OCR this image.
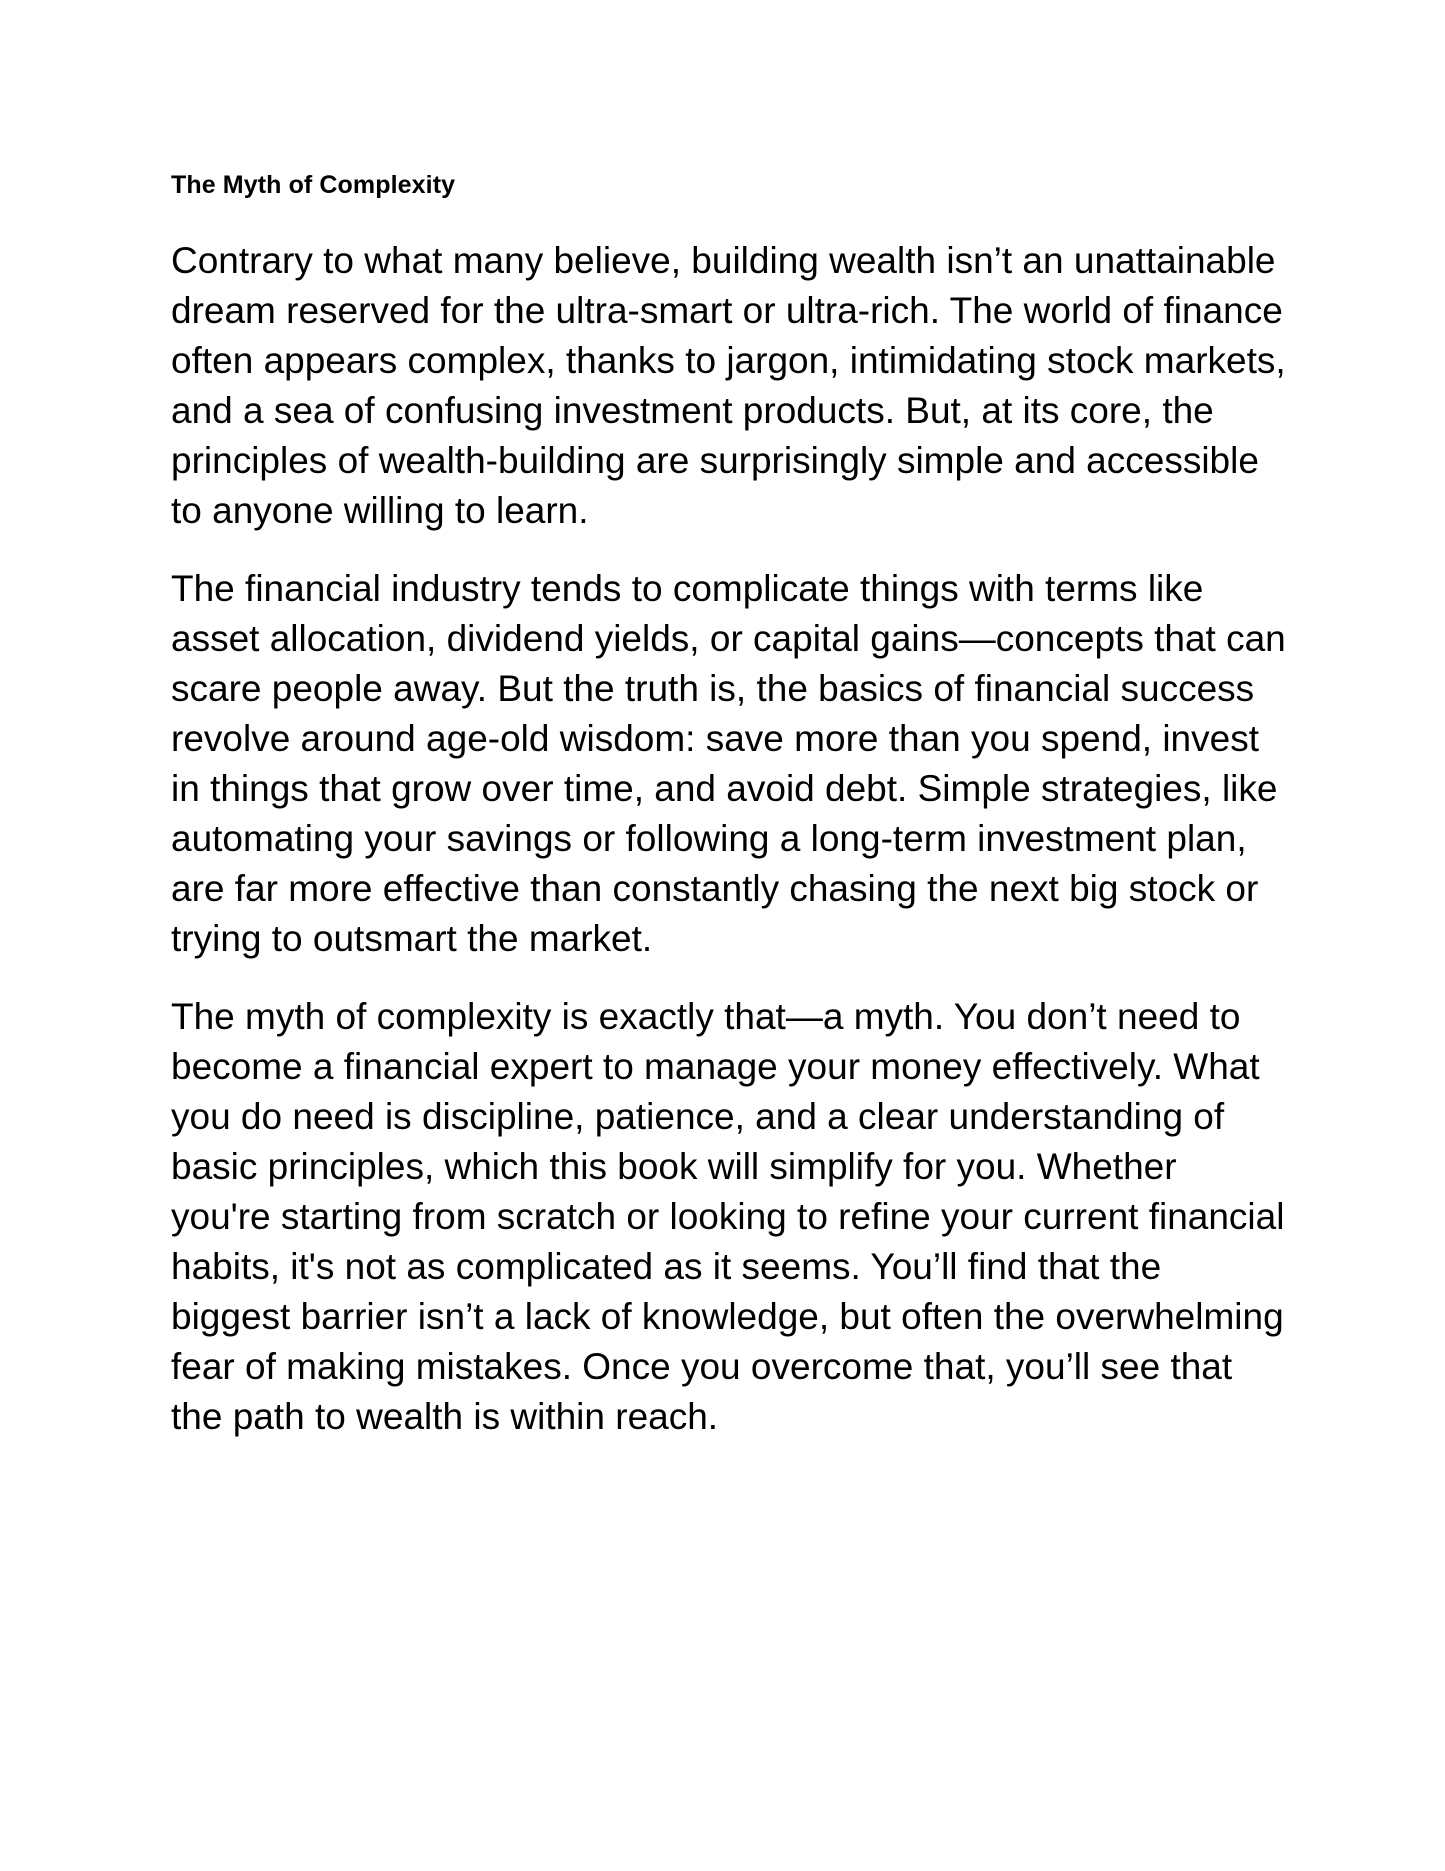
The Myth of Complexity

Contrary to what many believe, building wealth isn’t an unattainable dream reserved for the ultra-smart or ultra-rich. The world of finance often appears complex, thanks to jargon, intimidating stock markets, and a sea of confusing investment products. But, at its core, the principles of wealth-building are surprisingly simple and accessible to anyone willing to learn.

The financial industry tends to complicate things with terms like asset allocation, dividend yields, or capital gains—concepts that can scare people away. But the truth is, the basics of financial success revolve around age-old wisdom: save more than you spend, invest in things that grow over time, and avoid debt. Simple strategies, like automating your savings or following a long-term investment plan, are far more effective than constantly chasing the next big stock or trying to outsmart the market.

The myth of complexity is exactly that—a myth. You don’t need to become a financial expert to manage your money effectively. What you do need is discipline, patience, and a clear understanding of basic principles, which this book will simplify for you. Whether you're starting from scratch or looking to refine your current financial habits, it's not as complicated as it seems. You’ll find that the biggest barrier isn’t a lack of knowledge, but often the overwhelming fear of making mistakes. Once you overcome that, you’ll see that the path to wealth is within reach.
